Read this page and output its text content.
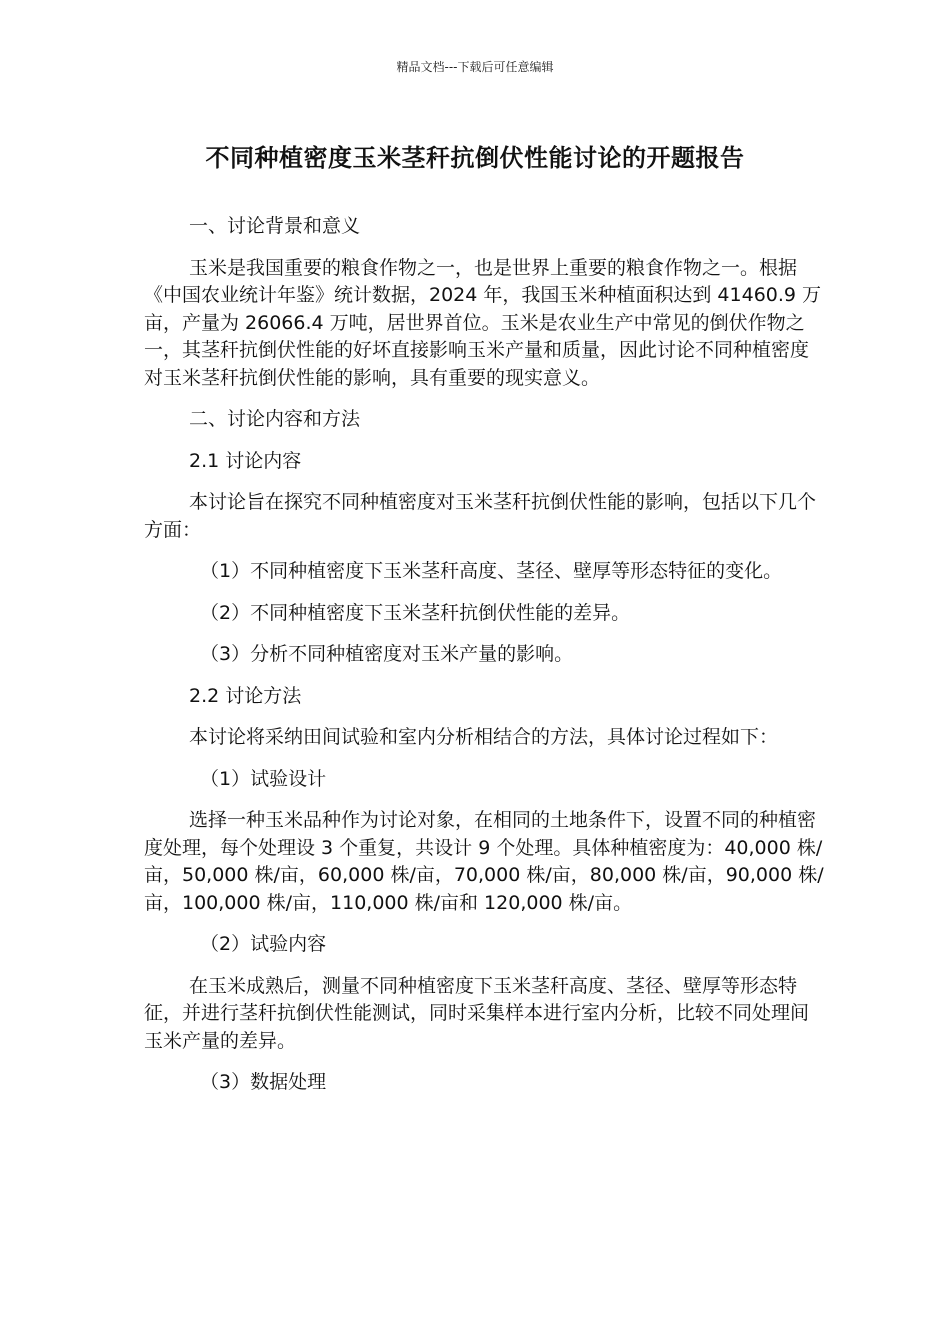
精品文档---下载后可任意编辑
不同种植密度玉米茎秆抗倒伏性能讨论的开题报告

一、讨论背景和意义

玉米是我国重要的粮食作物之一，也是世界上重要的粮食作物之一。根据《中国农业统计年鉴》统计数据，2024 年，我国玉米种植面积达到 41460.9 万亩，产量为 26066.4 万吨，居世界首位。玉米是农业生产中常见的倒伏作物之一，其茎秆抗倒伏性能的好坏直接影响玉米产量和质量，因此讨论不同种植密度对玉米茎秆抗倒伏性能的影响，具有重要的现实意义。

二、讨论内容和方法

2.1 讨论内容

本讨论旨在探究不同种植密度对玉米茎秆抗倒伏性能的影响，包括以下几个方面：

（1）不同种植密度下玉米茎秆高度、茎径、壁厚等形态特征的变化。

（2）不同种植密度下玉米茎秆抗倒伏性能的差异。

（3）分析不同种植密度对玉米产量的影响。

2.2 讨论方法

本讨论将采纳田间试验和室内分析相结合的方法，具体讨论过程如下：

（1）试验设计

选择一种玉米品种作为讨论对象，在相同的土地条件下，设置不同的种植密度处理，每个处理设 3 个重复，共设计 9 个处理。具体种植密度为：40,000 株/亩，50,000 株/亩，60,000 株/亩，70,000 株/亩，80,000 株/亩，90,000 株/亩，100,000 株/亩，110,000 株/亩和 120,000 株/亩。

（2）试验内容

在玉米成熟后，测量不同种植密度下玉米茎秆高度、茎径、壁厚等形态特征，并进行茎秆抗倒伏性能测试，同时采集样本进行室内分析，比较不同处理间玉米产量的差异。

（3）数据处理
